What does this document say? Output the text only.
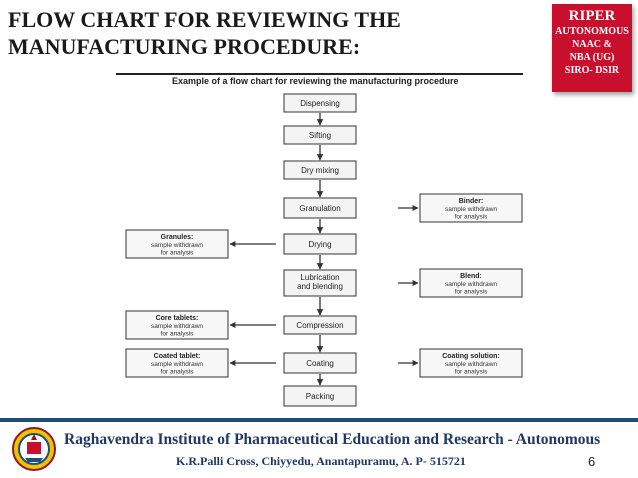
FLOW CHART FOR REVIEWING THE
MANUFACTURING PROCEDURE:
RIPER
AUTONOMOUS
NAAC &
NBA (UG)
SIRO- DSIR
Example of a flow chart for reviewing the manufacturing procedure
Dispensing
Sifting
Dry mixing
Granulation
Drying
Lubrication
and blending
Compression
Coating
Packing
Binder:
sample withdrawn
for analysis
Blend:
sample withdrawn
for analysis
Coating solution:
sample withdrawn
for analysis
Granules:
sample withdrawn
for analysis
Core tablets:
sample withdrawn
for analysis
Coated tablet:
sample withdrawn
for analysis
Raghavendra Institute of Pharmaceutical Education and Research - Autonomous
K.R.Palli Cross, Chiyyedu, Anantapuramu, A. P- 515721	6
